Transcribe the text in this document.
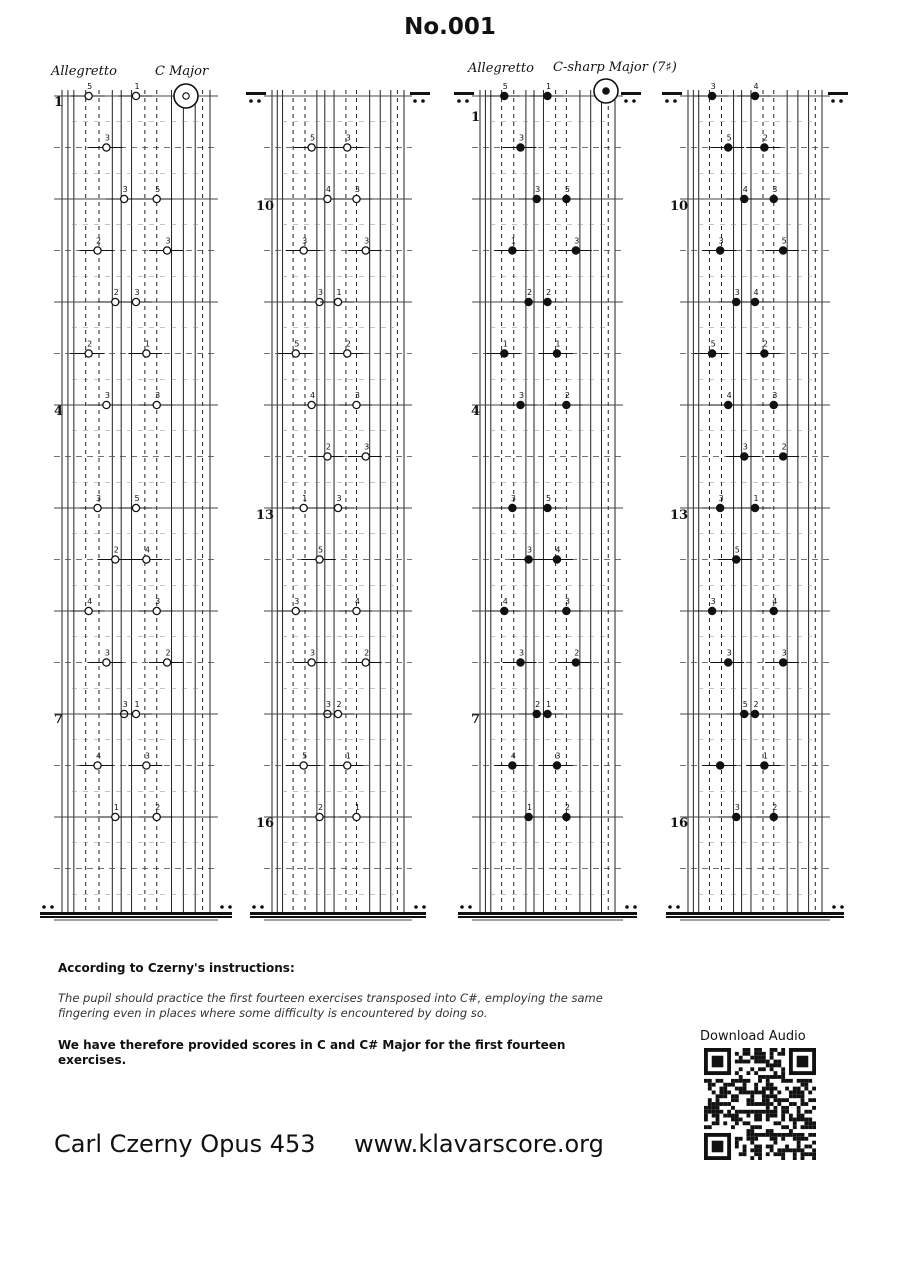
No.001
Allegretto	C Major	Allegretto C-sharp Major (7♯)
1
4
7
10
13
16
1
4
7
10
13
16
5	1
3
3	5
2	3
2 3
2	1
3	3
3	5
2	4
4	3
3	2
3 1
4	3
1	2
5	3
4	3
3	3
3 1
5	2
4	3
2	3
1	3
5
3	4
3	2
3 2
5	1
2	1
5	1
3
3	5
1	3
2 2
1	1
3	2
3	5
3	4
4	3
3	2
2 1
4	3
1	2
3	4
5	2
4	3
3	5
3 4
5	2
4	3
3	2
3	1
5
3	4
3	3
5 2
1
3	2
According to Czerny's instructions:
The pupil should practice the first fourteen exercises transposed into C#, employing the same fingering even in places where some difficulty is encountered by doing so.
We have therefore provided scores in C and C# Major for the first fourteen exercises.
Carl Czerny Opus 453 www.klavarscore.org
Download Audio
